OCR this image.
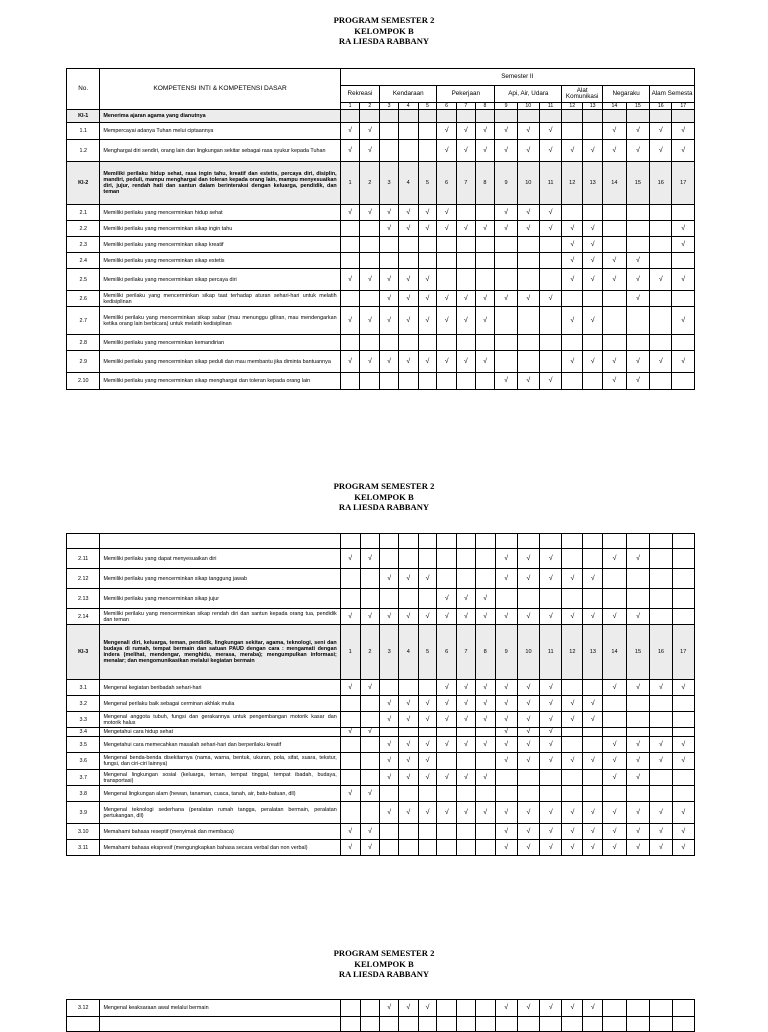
PROGRAM SEMESTER 2
KELOMPOK B
RA LIESDA RABBANY
PROGRAM SEMESTER 2
KELOMPOK B
RA LIESDA RABBANY
PROGRAM SEMESTER 2
KELOMPOK B
RA LIESDA RABBANY
No.	KOMPETENSI INTI & KOMPETENSI DASAR	Semester II																
		Rekreasi		Kendaraan			Pekerjaan			Api, Air, Udara			Alat Komunikasi		Negaraku		Alam Semesta	
		1	2	3	4	5	6	7	8	9	10	11	12	13	14	15	16	17
KI-1	Menerima ajaran agama yang dianutnya																	
1.1	Mempercayai adanya Tuhan melui ciptaannya	√	√				√	√	√	√	√	√			√	√	√	√
1.2	Menghargai diri sendiri, orang lain dan lingkungan sekitar sebagai rasa syukur kepada Tuhan	√	√				√	√	√	√	√	√	√	√	√	√	√	√
KI-2	Memiliki perilaku hidup sehat, rasa ingin tahu, kreatif dan estetis, percaya diri, disiplin, mandiri, peduli, mampu menghargai dan toleran kepada orang lain, mampu menyesuaikan diri, jujur, rendah hati dan santun dalam berinteraksi dengan keluarga, pendidik, dan teman	1	2	3	4	5	6	7	8	9	10	11	12	13	14	15	16	17
2.1	Memiliki perilaku yang mencerminkan hidup sehat	√	√	√	√	√	√			√	√	√						
2.2	Memiliki perilaku yang mencerminkan sikap ingin tahu			√	√	√	√	√	√	√	√	√	√	√				√
2.3	Memiliki perilaku yang mencerminkan sikap kreatif												√	√				√
2.4	Memiliki perilaku yang mencerminkan sikap estetis												√	√	√	√		
2.5	Memiliki perilaku yang mencerminkan sikap percaya diri	√	√	√	√	√							√	√	√	√	√	√
2.6	Memiliki perilaku yang mencerminkan sikap taat terhadap aturan sehari-hari untuk melatih kedisiplinan			√	√	√	√	√	√	√	√	√				√		
2.7	Memiliki perilaku yang mencerminkan sikap sabar (mau menunggu giliran, mau mendengarkan ketika orang lain berbicara) untuk melatih kedisiplinan	√	√	√	√	√	√	√	√				√	√				√
2.8	Memiliki perilaku yang mencerminkan kemandirian																	
2.9	Memiliki perilaku yang mencerminkan sikap peduli dan mau membantu jika diminta bantuannya	√	√	√	√	√	√	√	√				√	√	√	√	√	√
2.10	Memiliki perilaku yang mencerminkan sikap menghargai dan toleran kepada orang lain									√	√	√			√	√		

2.11	Memiliki perilaku yang dapat menyesuaikan diri	√	√							√	√	√			√	√		
2.12	Memiliki perilaku yang mencerminkan sikap tanggung jawab			√	√	√				√	√	√	√	√				
2.13	Memiliki perilaku yang mencerminkan sikap jujur						√	√	√									
2.14	Memiliki perilaku yang mencerminkan sikap rendah diri dan santun kepada orang tua, pendidik dan teman	√	√	√	√	√	√	√	√	√	√	√	√	√	√	√		
KI-3	Mengenali diri, keluarga, teman, pendidik, lingkungan sekitar, agama, teknologi, seni dan budaya di rumah, tempat bermain dan satuan PAUD dengan cara : mengamati dengan indera (melihat, mendengar, menghidu, merasa, meraba); mengumpulkan informasi; menalar; dan mengomunikasikan melalui kegiatan bermain	1	2	3	4	5	6	7	8	9	10	11	12	13	14	15	16	17
3.1	Mengenal kegiatan beribadah sehari-hari	√	√				√	√	√	√	√	√			√	√	√	√
3.2	Mengenal perilaku baik sebagai cerminan akhlak mulia			√	√	√	√	√	√	√	√	√	√	√				
3.3	Mengenal anggota tubuh, fungsi dan gerakannya untuk pengembangan motorik kasar dan motorik halus			√	√	√	√	√	√	√	√	√	√	√				
3.4	Mengetahui cara hidup sehat	√	√							√	√	√						
3.5	Mengetahui cara memecahkan masalah sehari-hari dan berperilaku kreatif			√	√	√	√	√	√	√	√	√			√	√	√	√
3.6	Mengenal benda-benda disekitarnya (nama, warna, bentuk, ukuran, pola, sifat, suara, tekstur, fungsi, dan ciri-ciri lainnya)			√	√	√				√	√	√	√	√	√	√	√	√
3.7	Mengenal lingkungan sosial (keluarga, teman, tempat tinggal, tempat ibadah, budaya, transportasi)			√	√	√	√	√	√						√	√		
3.8	Mengenal lingkungan alam (hewan, tanaman, cuaca, tanah, air, batu-batuan, dll)	√	√															
3.9	Mengenal teknologi sederhana (peralatan rumah tangga, peralatan bermain, peralatan pertukangan, dll)			√	√	√	√	√	√	√	√	√	√	√	√	√	√	√
3.10	Memahami bahasa reseptif (menyimak dan membaca)	√	√							√	√	√	√	√	√	√	√	√
3.11	Memahami bahasa ekspresif (mengungkapkan bahasa secara verbal dan non verbal)	√	√							√	√	√	√	√	√	√	√	√
3.12	Mengenal keaksaraan awal melalui bermain			√	√	√				√	√	√	√	√				
